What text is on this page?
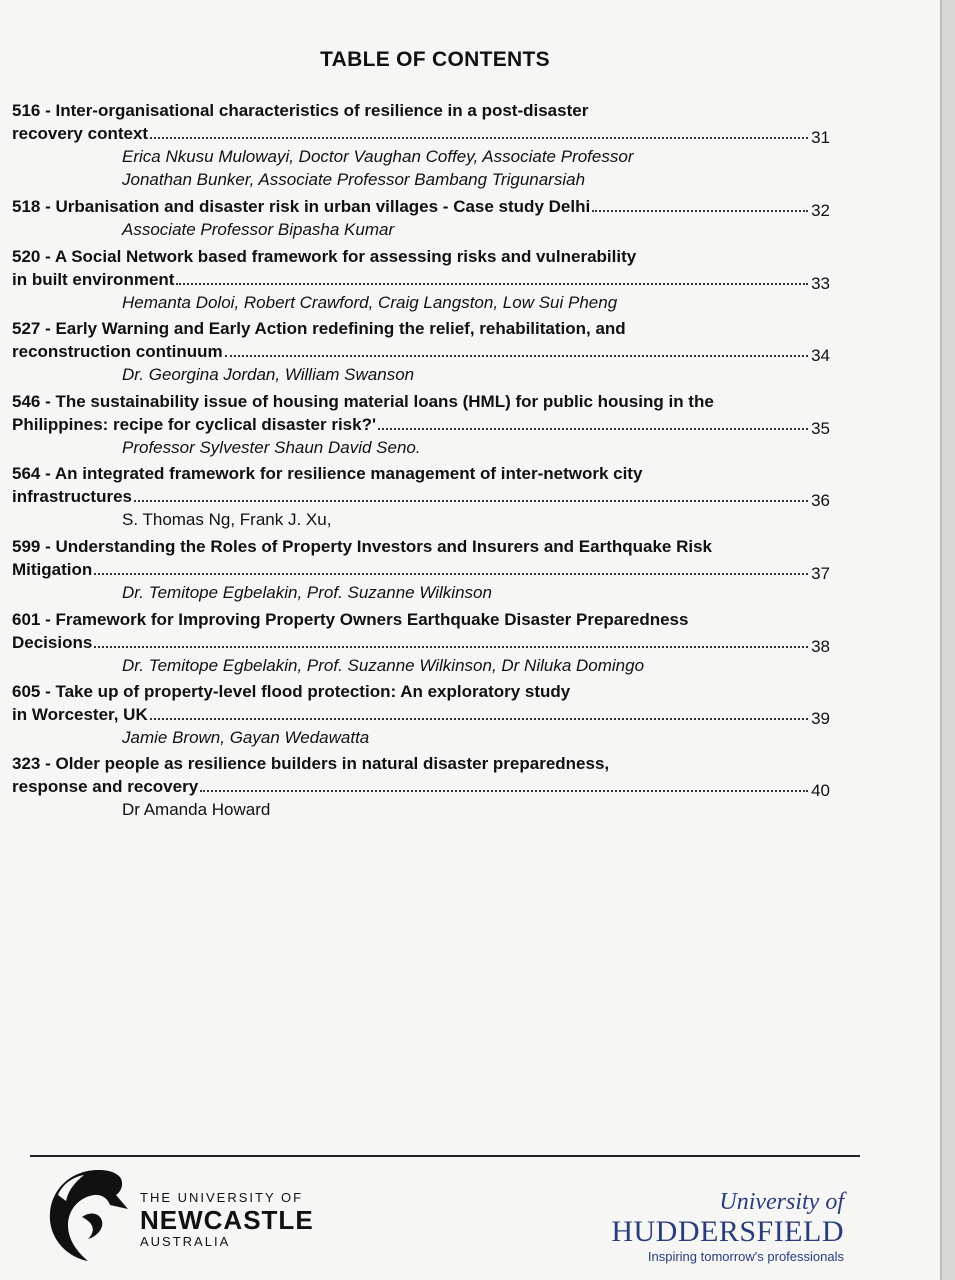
TABLE OF CONTENTS
516 - Inter-organisational characteristics of resilience in a post-disaster
recovery context	31
Erica Nkusu Mulowayi, Doctor Vaughan Coffey, Associate Professor
Jonathan Bunker, Associate Professor Bambang Trigunarsiah
518 - Urbanisation and disaster risk in urban villages - Case study Delhi	32
Associate Professor Bipasha Kumar
520 - A Social Network based framework for assessing risks and vulnerability
in built environment	33
Hemanta Doloi, Robert Crawford, Craig Langston, Low Sui Pheng
527 - Early Warning and Early Action redefining the relief, rehabilitation, and
reconstruction continuum	34
Dr. Georgina Jordan, William Swanson
546 - The sustainability issue of housing material loans (HML) for public housing in the
Philippines: recipe for cyclical disaster risk?'	35
Professor Sylvester Shaun David Seno.
564 - An integrated framework for resilience management of inter-network city
infrastructures	36
S. Thomas Ng, Frank J. Xu,
599 - Understanding the Roles of Property Investors and Insurers and Earthquake Risk
Mitigation	37
Dr. Temitope Egbelakin, Prof. Suzanne Wilkinson
601 - Framework for Improving Property Owners Earthquake Disaster Preparedness
Decisions	38
Dr. Temitope Egbelakin, Prof. Suzanne Wilkinson, Dr Niluka Domingo
605 - Take up of property-level flood protection: An exploratory study
in Worcester, UK	39
Jamie Brown, Gayan Wedawatta
323 - Older people as resilience builders in natural disaster preparedness,
response and recovery	40
Dr Amanda Howard
THE UNIVERSITY OF
NEWCASTLE
AUSTRALIA
University of
HUDDERSFIELD
Inspiring tomorrow's professionals
